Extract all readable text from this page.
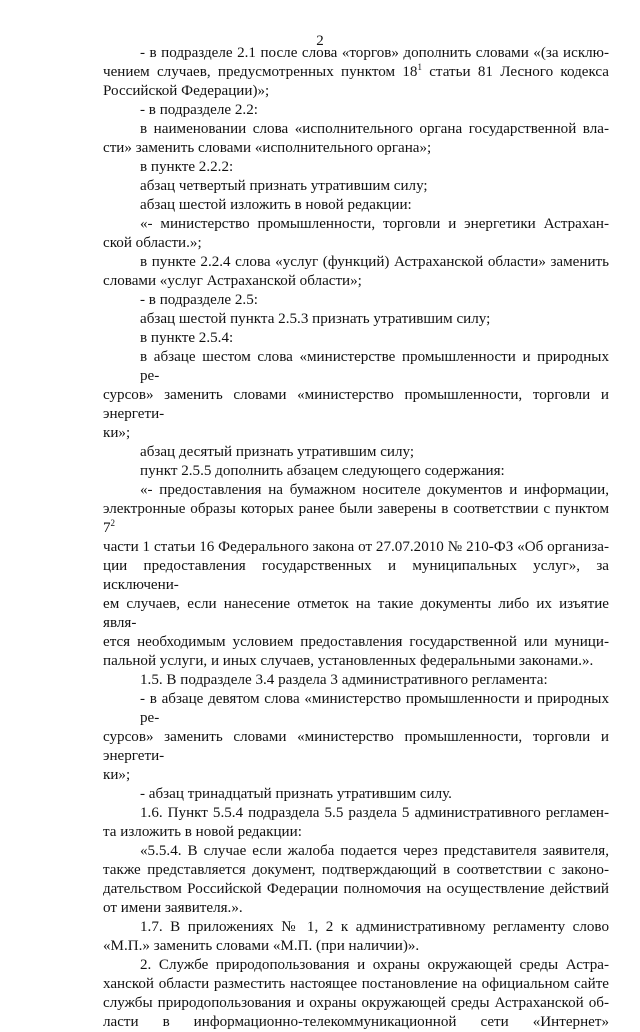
2
- в подразделе 2.1 после слова «торгов» дополнить словами «(за исклю-
чением случаев, предусмотренных пунктом $18^1$ статьи 81 Лесного кодекса
Российской Федерации)»;
- в подразделе 2.2:
в наименовании слова «исполнительного органа государственной вла-
сти» заменить словами «исполнительного органа»;
в пункте 2.2.2:
абзац четвертый признать утратившим силу;
абзац шестой изложить в новой редакции:
«- министерство промышленности, торговли и энергетики Астрахан-
ской области.»;
в пункте 2.2.4 слова «услуг (функций) Астраханской области» заменить
словами «услуг Астраханской области»;
- в подразделе 2.5:
абзац шестой пункта 2.5.3 признать утратившим силу;
в пункте 2.5.4:
в абзаце шестом слова «министерстве промышленности и природных ре-
сурсов» заменить словами «министерство промышленности, торговли и энергети-
ки»;
абзац десятый признать утратившим силу;
пункт 2.5.5 дополнить абзацем следующего содержания:
«- предоставления на бумажном носителе документов и информации,
электронные образы которых ранее были заверены в соответствии с пунктом $7^2$
части 1 статьи 16 Федерального закона от 27.07.2010 № 210-ФЗ «Об организа-
ции предоставления государственных и муниципальных услуг», за исключени-
ем случаев, если нанесение отметок на такие документы либо их изъятие явля-
ется необходимым условием предоставления государственной или муници-
пальной услуги, и иных случаев, установленных федеральными законами.».
1.5. В подразделе 3.4 раздела 3 административного регламента:
- в абзаце девятом слова «министерство промышленности и природных ре-
сурсов» заменить словами «министерство промышленности, торговли и энергети-
ки»;
- абзац тринадцатый признать утратившим силу.
1.6. Пункт 5.5.4 подраздела 5.5 раздела 5 административного регламен-
та изложить в новой редакции:
«5.5.4. В случае если жалоба подается через представителя заявителя,
также представляется документ, подтверждающий в соответствии с законо-
дательством Российской Федерации полномочия на осуществление действий
от имени заявителя.».
1.7. В приложениях № 1, 2 к административному регламенту слово
«М.П.» заменить словами «М.П. (при наличии)».
2. Службе природопользования и охраны окружающей среды Астра-
ханской области разместить настоящее постановление на официальном сайте
службы природопользования и охраны окружающей среды Астраханской об-
ласти в информационно-телекоммуникационной сети «Интернет»
